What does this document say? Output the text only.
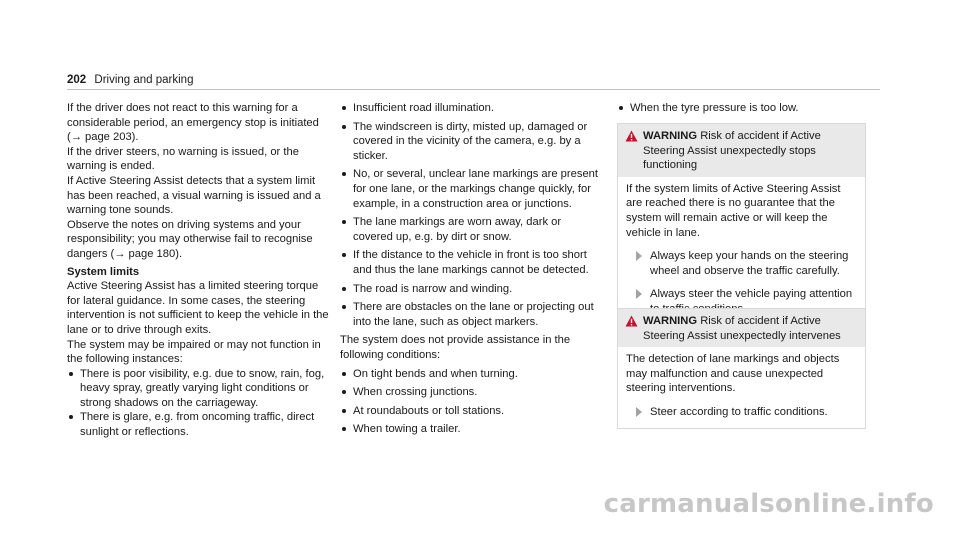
202 Driving and parking

If the driver does not react to this warning for a considerable period, an emergency stop is initiated (→ page 203).

If the driver steers, no warning is issued, or the warning is ended.

If Active Steering Assist detects that a system limit has been reached, a visual warning is issued and a warning tone sounds.

Observe the notes on driving systems and your responsibility; you may otherwise fail to recognise dangers (→ page 180).

System limits

Active Steering Assist has a limited steering torque for lateral guidance. In some cases, the steering intervention is not sufficient to keep the vehicle in the lane or to drive through exits.

The system may be impaired or may not function in the following instances:

There is poor visibility, e.g. due to snow, rain, fog, heavy spray, greatly varying light conditions or strong shadows on the carriageway.
There is glare, e.g. from oncoming traffic, direct sunlight or reflections.
Insufficient road illumination.
The windscreen is dirty, misted up, damaged or covered in the vicinity of the camera, e.g. by a sticker.
No, or several, unclear lane markings are present for one lane, or the markings change quickly, for example, in a construction area or junctions.
The lane markings are worn away, dark or covered up, e.g. by dirt or snow.
If the distance to the vehicle in front is too short and thus the lane markings cannot be detected.
The road is narrow and winding.
There are obstacles on the lane or projecting out into the lane, such as object markers.

The system does not provide assistance in the following conditions:

On tight bends and when turning.
When crossing junctions.
At roundabouts or toll stations.
When towing a trailer.
When the tyre pressure is too low.
WARNING Risk of accident if Active Steering Assist unexpectedly stops functioning

If the system limits of Active Steering Assist are reached there is no guarantee that the system will remain active or will keep the vehicle in lane.

Always keep your hands on the steering wheel and observe the traffic carefully.
Always steer the vehicle paying attention
WARNING Risk of accident if Active Steering Assist unexpectedly intervenes

The detection of lane markings and objects may malfunction and cause unexpected steering interventions.

Steer according to traffic conditions.
carmanualsonline.info
